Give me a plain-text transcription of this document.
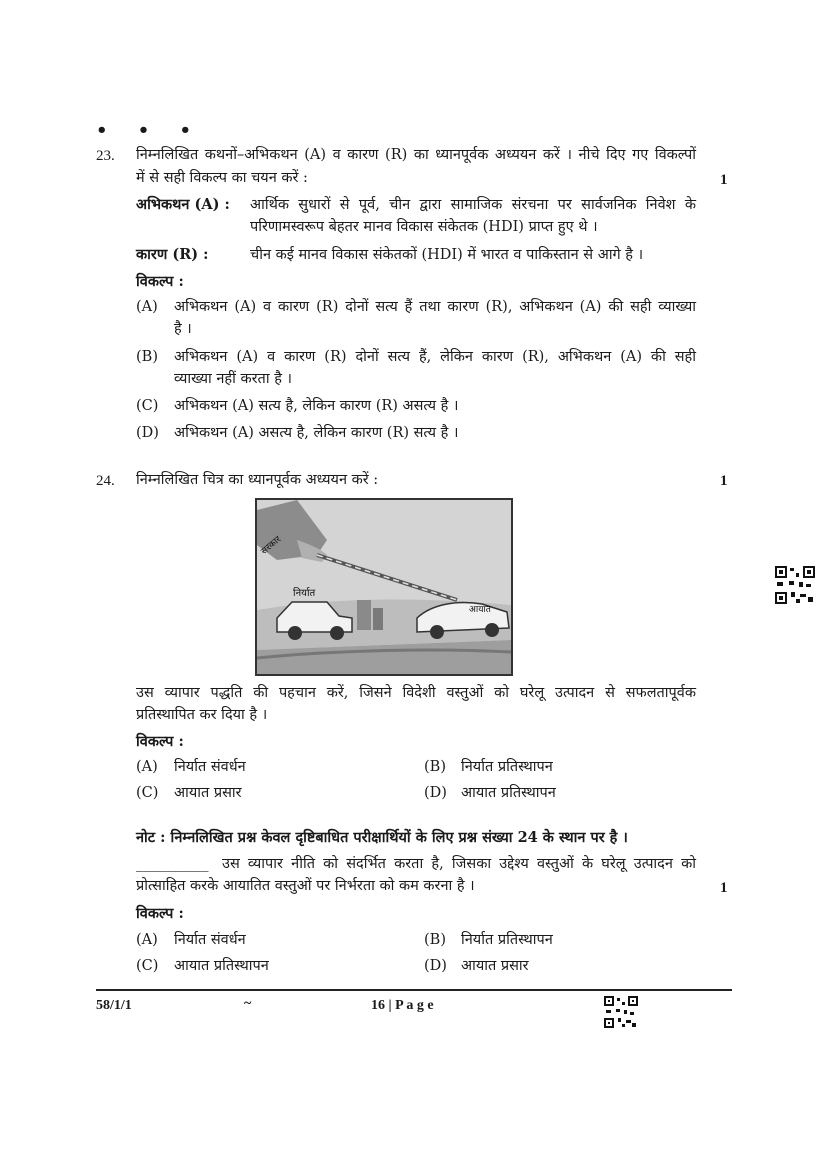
• • •
23. निम्नलिखित कथनों–अभिकथन (A) व कारण (R) का ध्यानपूर्वक अध्ययन करें । नीचे दिए गए विकल्पों
में से सही विकल्प का चयन करें :	1
अभिकथन (A) : आर्थिक सुधारों से पूर्व, चीन द्वारा सामाजिक संरचना पर सार्वजनिक निवेश के
परिणामस्वरूप बेहतर मानव विकास संकेतक (HDI) प्राप्त हुए थे ।
कारण (R) :	चीन कई मानव विकास संकेतकों (HDI) में भारत व पाकिस्तान से आगे है ।
विकल्प :
(A) अभिकथन (A) व कारण (R) दोनों सत्य हैं तथा कारण (R), अभिकथन (A) की सही व्याख्या
है ।
(B) अभिकथन (A) व कारण (R) दोनों सत्य हैं, लेकिन कारण (R), अभिकथन (A) की सही
व्याख्या नहीं करता है ।
(C) अभिकथन (A) सत्य है, लेकिन कारण (R) असत्य है ।
(D) अभिकथन (A) असत्य है, लेकिन कारण (R) सत्य है ।
24. निम्नलिखित चित्र का ध्यानपूर्वक अध्ययन करें :	1
सरकार
निर्यात
आयात
उस व्यापार पद्धति की पहचान करें, जिसने विदेशी वस्तुओं को घरेलू उत्पादन से सफलतापूर्वक
प्रतिस्थापित कर दिया है ।
विकल्प :
(A) निर्यात संवर्धन	(B) निर्यात प्रतिस्थापन
(C) आयात प्रसार	(D) आयात प्रतिस्थापन
नोट : निम्नलिखित प्रश्न केवल दृष्टिबाधित परीक्षार्थियों के लिए प्रश्न संख्या 24 के स्थान पर है ।
__________ उस व्यापार नीति को संदर्भित करता है, जिसका उद्देश्य वस्तुओं के घरेलू उत्पादन को
प्रोत्साहित करके आयातित वस्तुओं पर निर्भरता को कम करना है ।	1
विकल्प :
(A) निर्यात संवर्धन	(B) निर्यात प्रतिस्थापन
(C) आयात प्रतिस्थापन	(D) आयात प्रसार
58/1/1	~	16 | P a g e
